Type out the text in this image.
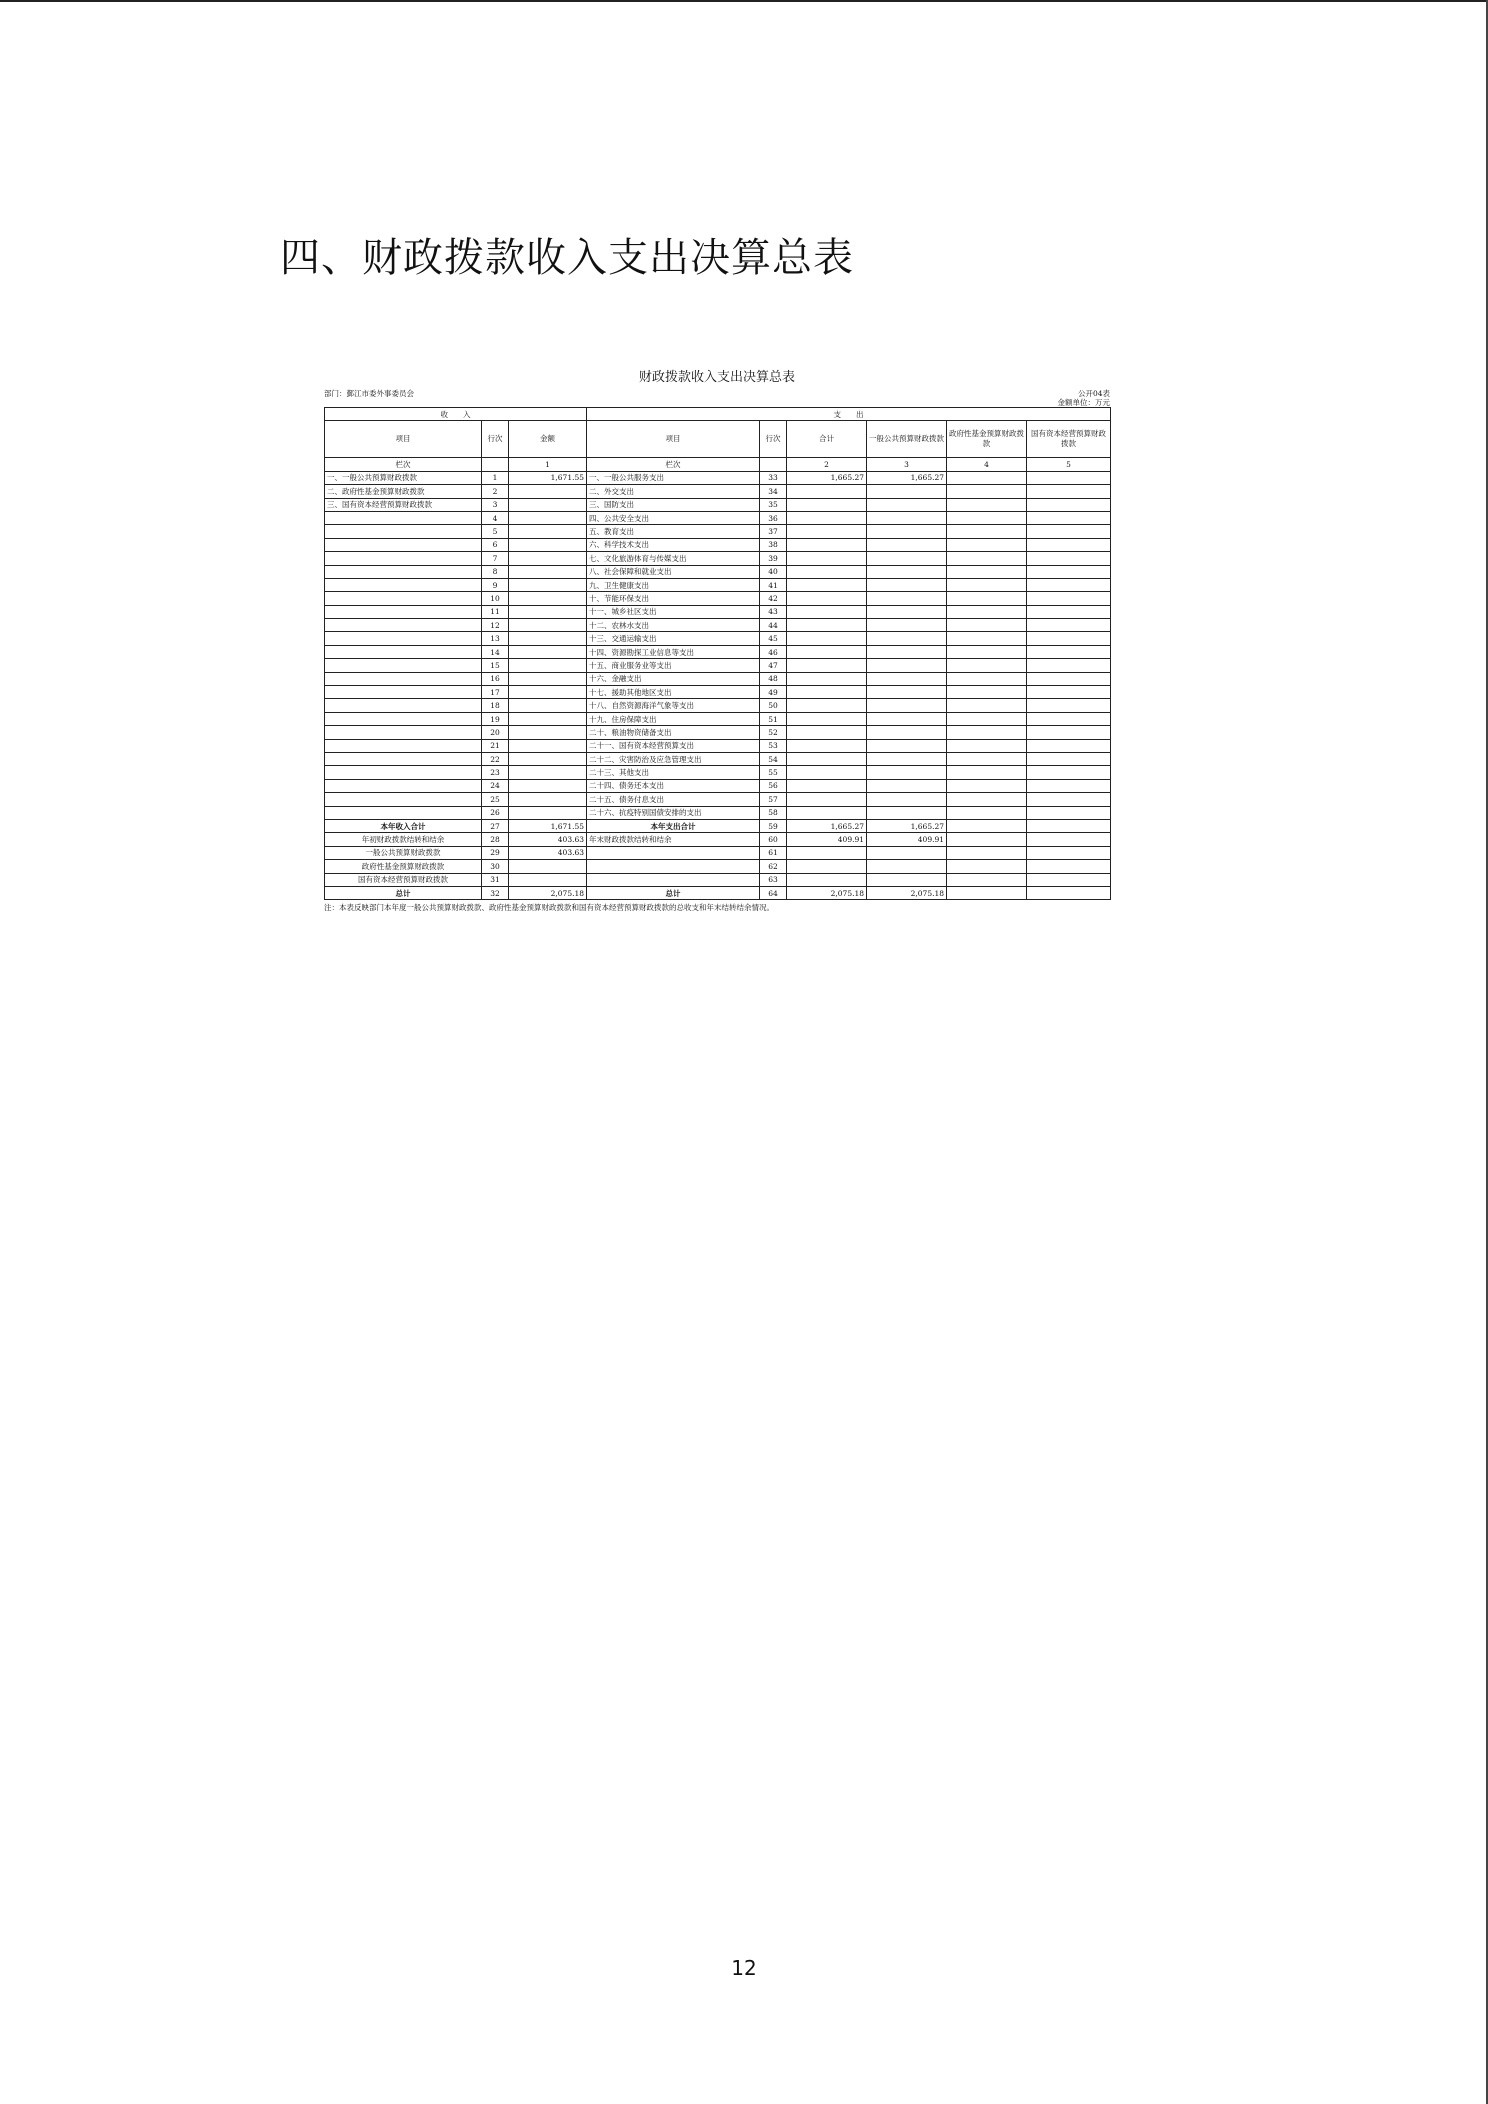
四、财政拨款收入支出决算总表
财政拨款收入支出决算总表
部门：鄞江市委外事委员会	公开04表
金额单位：万元
收　　入			支　　出					
项目	行次	金额	项目	行次	合计	一般公共预算财政拨款	政府性基金预算财政拨款	国有资本经营预算财政拨款
栏次		1	栏次		2	3	4	5
一、一般公共预算财政拨款	1	1,671.55	一、一般公共服务支出	33	1,665.27	1,665.27		
二、政府性基金预算财政拨款	2		二、外交支出	34				
三、国有资本经营预算财政拨款	3		三、国防支出	35				
	4		四、公共安全支出	36				
	5		五、教育支出	37				
	6		六、科学技术支出	38				
	7		七、文化旅游体育与传媒支出	39				
	8		八、社会保障和就业支出	40				
	9		九、卫生健康支出	41				
	10		十、节能环保支出	42				
	11		十一、城乡社区支出	43				
	12		十二、农林水支出	44				
	13		十三、交通运输支出	45				
	14		十四、资源勘探工业信息等支出	46				
	15		十五、商业服务业等支出	47				
	16		十六、金融支出	48				
	17		十七、援助其他地区支出	49				
	18		十八、自然资源海洋气象等支出	50				
	19		十九、住房保障支出	51				
	20		二十、粮油物资储备支出	52				
	21		二十一、国有资本经营预算支出	53				
	22		二十二、灾害防治及应急管理支出	54				
	23		二十三、其他支出	55				
	24		二十四、债务还本支出	56				
	25		二十五、债务付息支出	57				
	26		二十六、抗疫特别国债安排的支出	58				
本年收入合计	27	1,671.55	本年支出合计	59	1,665.27	1,665.27		
年初财政拨款结转和结余	28	403.63	年末财政拨款结转和结余	60	409.91	409.91		
一般公共预算财政拨款	29	403.63		61				
政府性基金预算财政拨款	30			62				
国有资本经营预算财政拨款	31			63				
总计	32	2,075.18	总计	64	2,075.18	2,075.18		
注：本表反映部门本年度一般公共预算财政拨款、政府性基金预算财政拨款和国有资本经营预算财政拨款的总收支和年末结转结余情况。
12
